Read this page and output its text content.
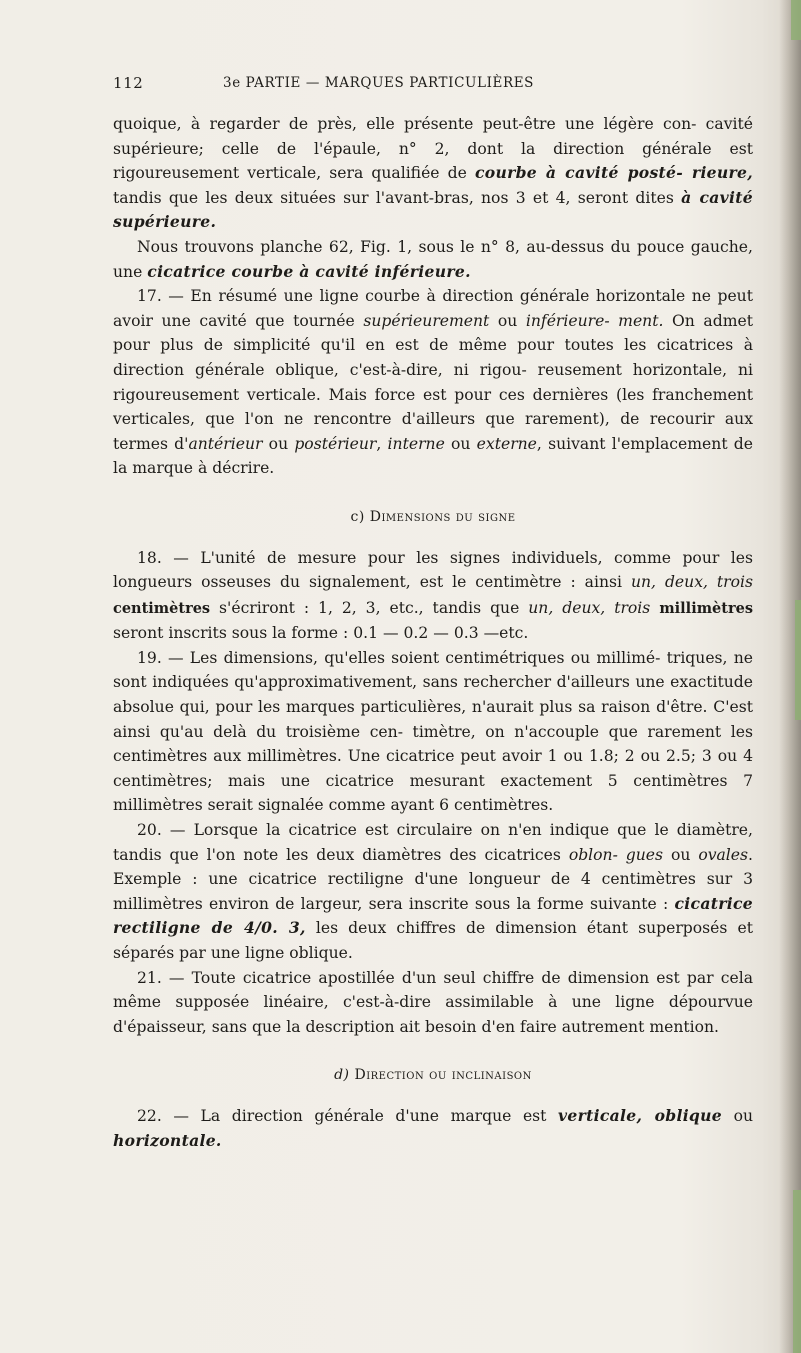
112	3e PARTIE — MARQUES PARTICULIÈRES

quoique, à regarder de près, elle présente peut-être une légère con- cavité supérieure; celle de l'épaule, n° 2, dont la direction générale est rigoureusement verticale, sera qualifiée de courbe à cavité posté- rieure, tandis que les deux situées sur l'avant-bras, nos 3 et 4, seront dites à cavité supérieure.

Nous trouvons planche 62, Fig. 1, sous le n° 8, au-dessus du pouce gauche, une cicatrice courbe à cavité inférieure.

17. — En résumé une ligne courbe à direction générale horizontale ne peut avoir une cavité que tournée supérieurement ou inférieure- ment. On admet pour plus de simplicité qu'il en est de même pour toutes les cicatrices à direction générale oblique, c'est-à-dire, ni rigou- reusement horizontale, ni rigoureusement verticale. Mais force est pour ces dernières (les franchement verticales, que l'on ne rencontre d'ailleurs que rarement), de recourir aux termes d'antérieur ou postérieur, interne ou externe, suivant l'emplacement de la marque à décrire.

c) Dimensions du signe

18. — L'unité de mesure pour les signes individuels, comme pour les longueurs osseuses du signalement, est le centimètre : ainsi un, deux, trois centimètres s'écriront : 1, 2, 3, etc., tandis que un, deux, trois millimètres seront inscrits sous la forme : 0.1 — 0.2 — 0.3 —etc.

19. — Les dimensions, qu'elles soient centimétriques ou millimé- triques, ne sont indiquées qu'approximativement, sans rechercher d'ailleurs une exactitude absolue qui, pour les marques particulières, n'aurait plus sa raison d'être. C'est ainsi qu'au delà du troisième cen- timètre, on n'accouple que rarement les centimètres aux millimètres. Une cicatrice peut avoir 1 ou 1.8; 2 ou 2.5; 3 ou 4 centimètres; mais une cicatrice mesurant exactement 5 centimètres 7 millimètres serait signalée comme ayant 6 centimètres.

20. — Lorsque la cicatrice est circulaire on n'en indique que le diamètre, tandis que l'on note les deux diamètres des cicatrices oblon- gues ou ovales. Exemple : une cicatrice rectiligne d'une longueur de 4 centimètres sur 3 millimètres environ de largeur, sera inscrite sous la forme suivante : cicatrice rectiligne de 4/0. 3, les deux chiffres de dimension étant superposés et séparés par une ligne oblique.

21. — Toute cicatrice apostillée d'un seul chiffre de dimension est par cela même supposée linéaire, c'est-à-dire assimilable à une ligne dépourvue d'épaisseur, sans que la description ait besoin d'en faire autrement mention.

d) Direction ou inclinaison

22. — La direction générale d'une marque est verticale, oblique ou horizontale.
